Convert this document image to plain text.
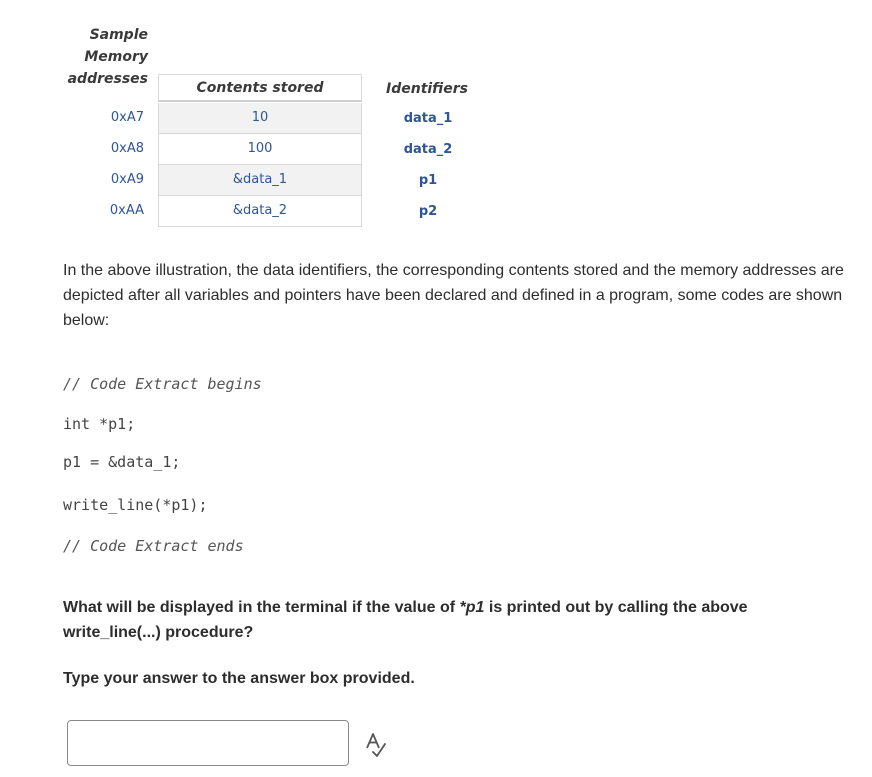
Sample
Memory
addresses
Contents stored	Identifiers
0xA7	10	data_1
0xA8	100	data_2
0xA9	&data_1	p1
0xAA	&data_2	p2
In the above illustration, the data identifiers, the corresponding contents stored and the memory addresses are depicted after all variables and pointers have been declared and defined in a program, some codes are shown below:
// Code Extract begins
int *p1;
p1 = &data_1;
write_line(*p1);
// Code Extract ends
What will be displayed in the terminal if the value of *p1 is printed out by calling the above write_line(...) procedure?
Type your answer to the answer box provided.
